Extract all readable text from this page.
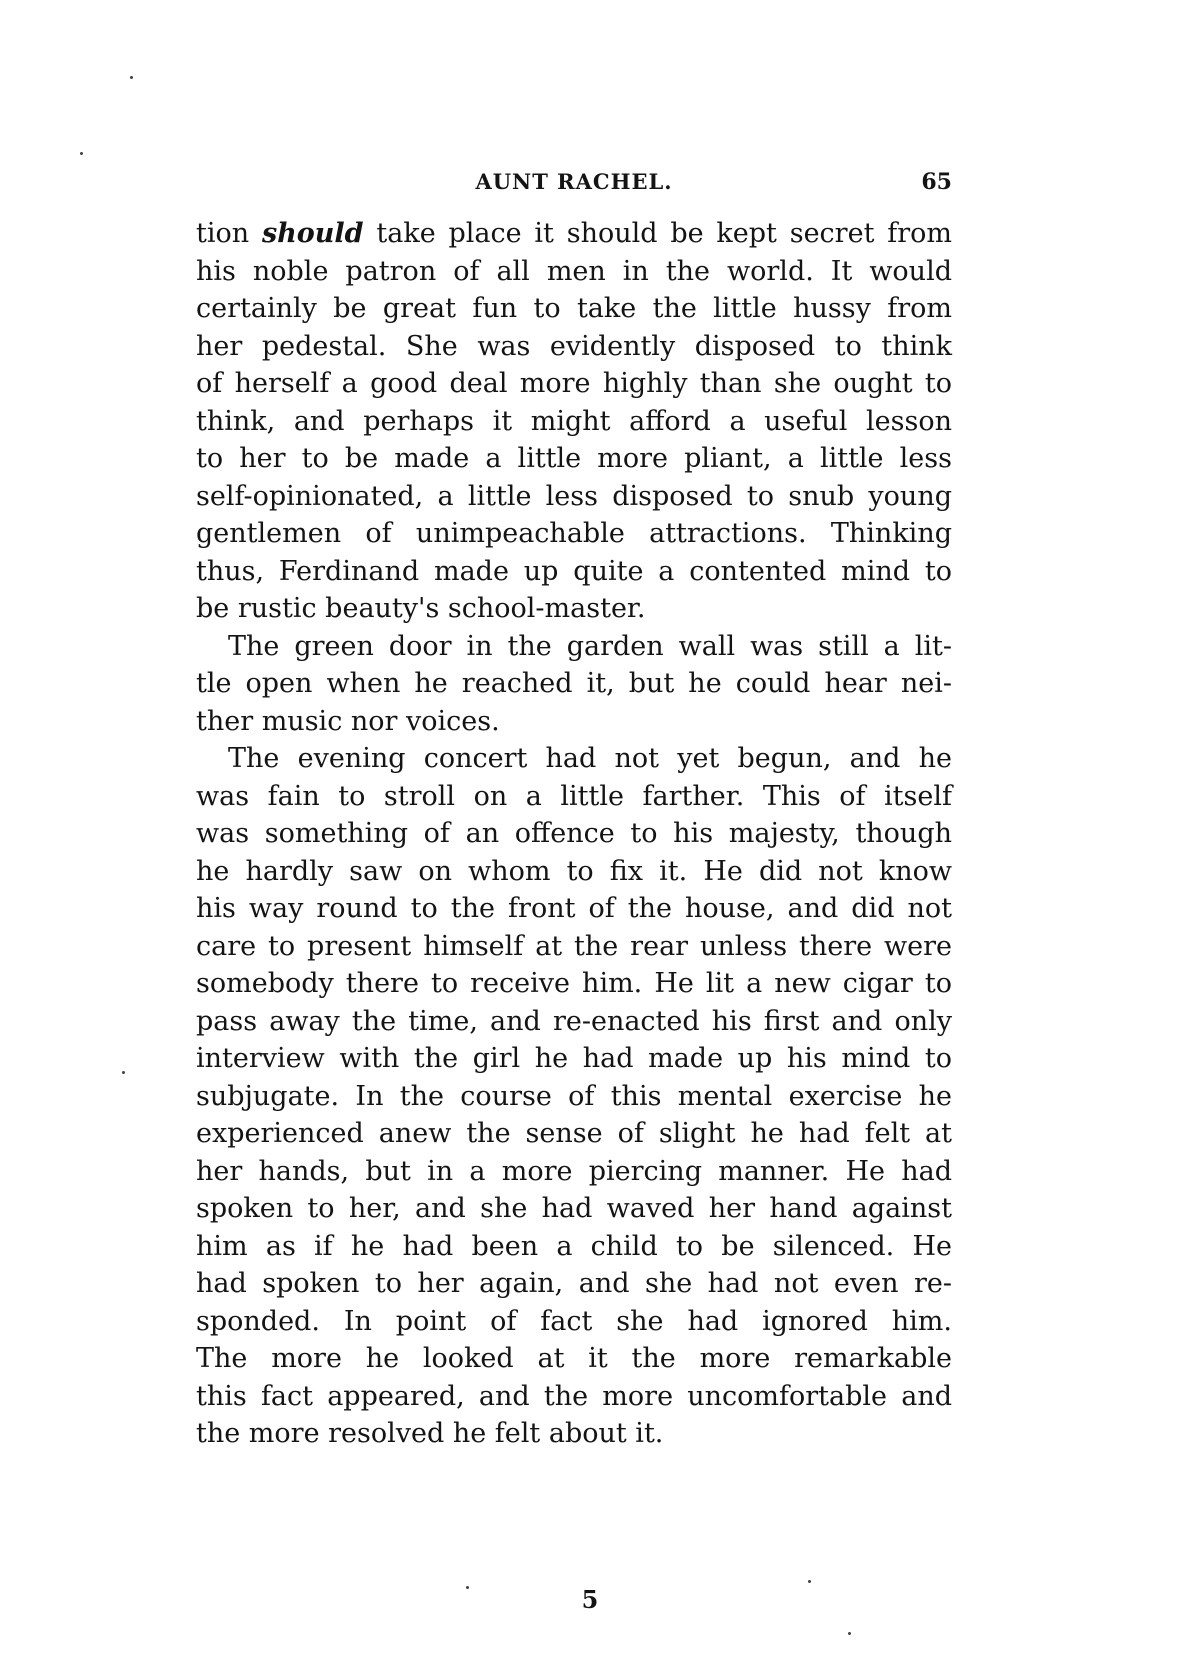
AUNT RACHEL.	65
tion should take place it should be kept secret from
his noble patron of all men in the world. It would
certainly be great fun to take the little hussy from
her pedestal. She was evidently disposed to think
of herself a good deal more highly than she ought to
think, and perhaps it might afford a useful lesson
to her to be made a little more pliant, a little less
self-opinionated, a little less disposed to snub young
gentlemen of unimpeachable attractions. Thinking
thus, Ferdinand made up quite a contented mind to
be rustic beauty's school-master.
The green door in the garden wall was still a lit-
tle open when he reached it, but he could hear nei-
ther music nor voices.
The evening concert had not yet begun, and he
was fain to stroll on a little farther. This of itself
was something of an offence to his majesty, though
he hardly saw on whom to fix it. He did not know
his way round to the front of the house, and did not
care to present himself at the rear unless there were
somebody there to receive him. He lit a new cigar to
pass away the time, and re-enacted his first and only
interview with the girl he had made up his mind to
subjugate. In the course of this mental exercise he
experienced anew the sense of slight he had felt at
her hands, but in a more piercing manner. He had
spoken to her, and she had waved her hand against
him as if he had been a child to be silenced. He
had spoken to her again, and she had not even re-
sponded. In point of fact she had ignored him.
The more he looked at it the more remarkable
this fact appeared, and the more uncomfortable and
the more resolved he felt about it.
5
